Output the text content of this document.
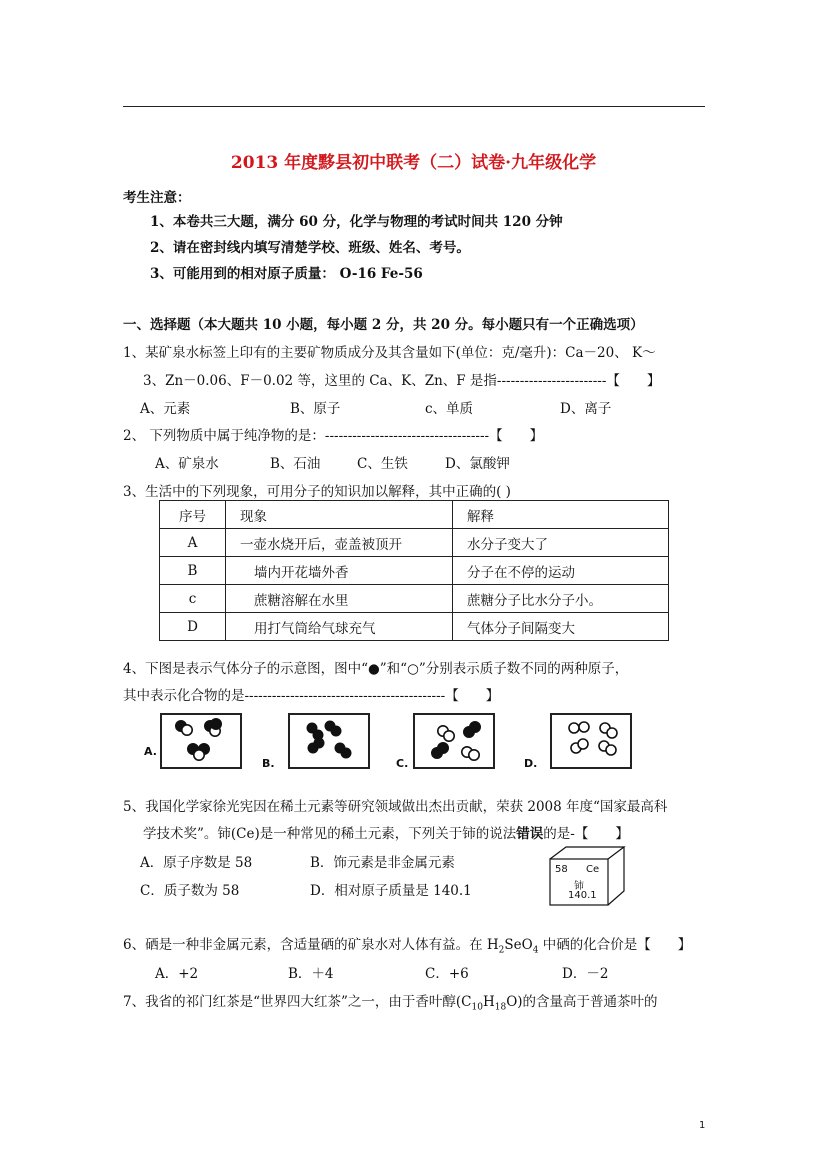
2013 年度黟县初中联考（二）试卷·九年级化学
考生注意：
1、本卷共三大题，满分 60 分，化学与物理的考试时间共 120 分钟
2、请在密封线内填写清楚学校、班级、姓名、考号。
3、可能用到的相对原子质量： O-16 Fe-56
一、选择题（本大题共 10 小题，每小题 2 分，共 20 分。每小题只有一个正确选项）
1、某矿泉水标签上印有的主要矿物质成分及其含量如下(单位：克/毫升)：Ca－20、 K～
3、Zn－0.06、F－0.02 等，这里的 Ca、K、Zn、F 是指------------------------【　　】
A、元素	B、原子	c、单质	D、离子
2、 下列物质中属于纯净物的是：------------------------------------【　　】
A、矿泉水	B、石油	C、生铁	D、氯酸钾
3、生活中的下列现象，可用分子的知识加以解释，其中正确的( )
序号	现象	解释
A	一壶水烧开后，壶盖被顶开	水分子变大了
B	墙内开花墙外香	分子在不停的运动
c	蔗糖溶解在水里	蔗糖分子比水分子小。
D	用打气筒给气球充气	气体分子间隔变大
4、下图是表示气体分子的示意图，图中“●”和“○”分别表示质子数不同的两种原子，
其中表示化合物的是--------------------------------------------【　　】
A.
B.	C.	D.
5、我国化学家徐光宪因在稀土元素等研究领域做出杰出贡献，荣获 2008 年度“国家最高科
学技术奖”。铈(Ce)是一种常见的稀土元素，下列关于铈的说法错误的是-【　　】
A．原子序数是 58	B．饰元素是非金属元素
C．质子数为 58	D．相对原子质量是 140.1
58 Ce
铈
140.1
6、硒是一种非金属元素，含适量硒的矿泉水对人体有益。在 $H_2SeO_4$ 中硒的化合价是【　　】
A．+2	B．＋4	C．+6	D．－2
7、我省的祁门红茶是“世界四大红茶”之一，由于香叶醇$(C_{10}H_{18}O)$的含量高于普通茶叶的
1
